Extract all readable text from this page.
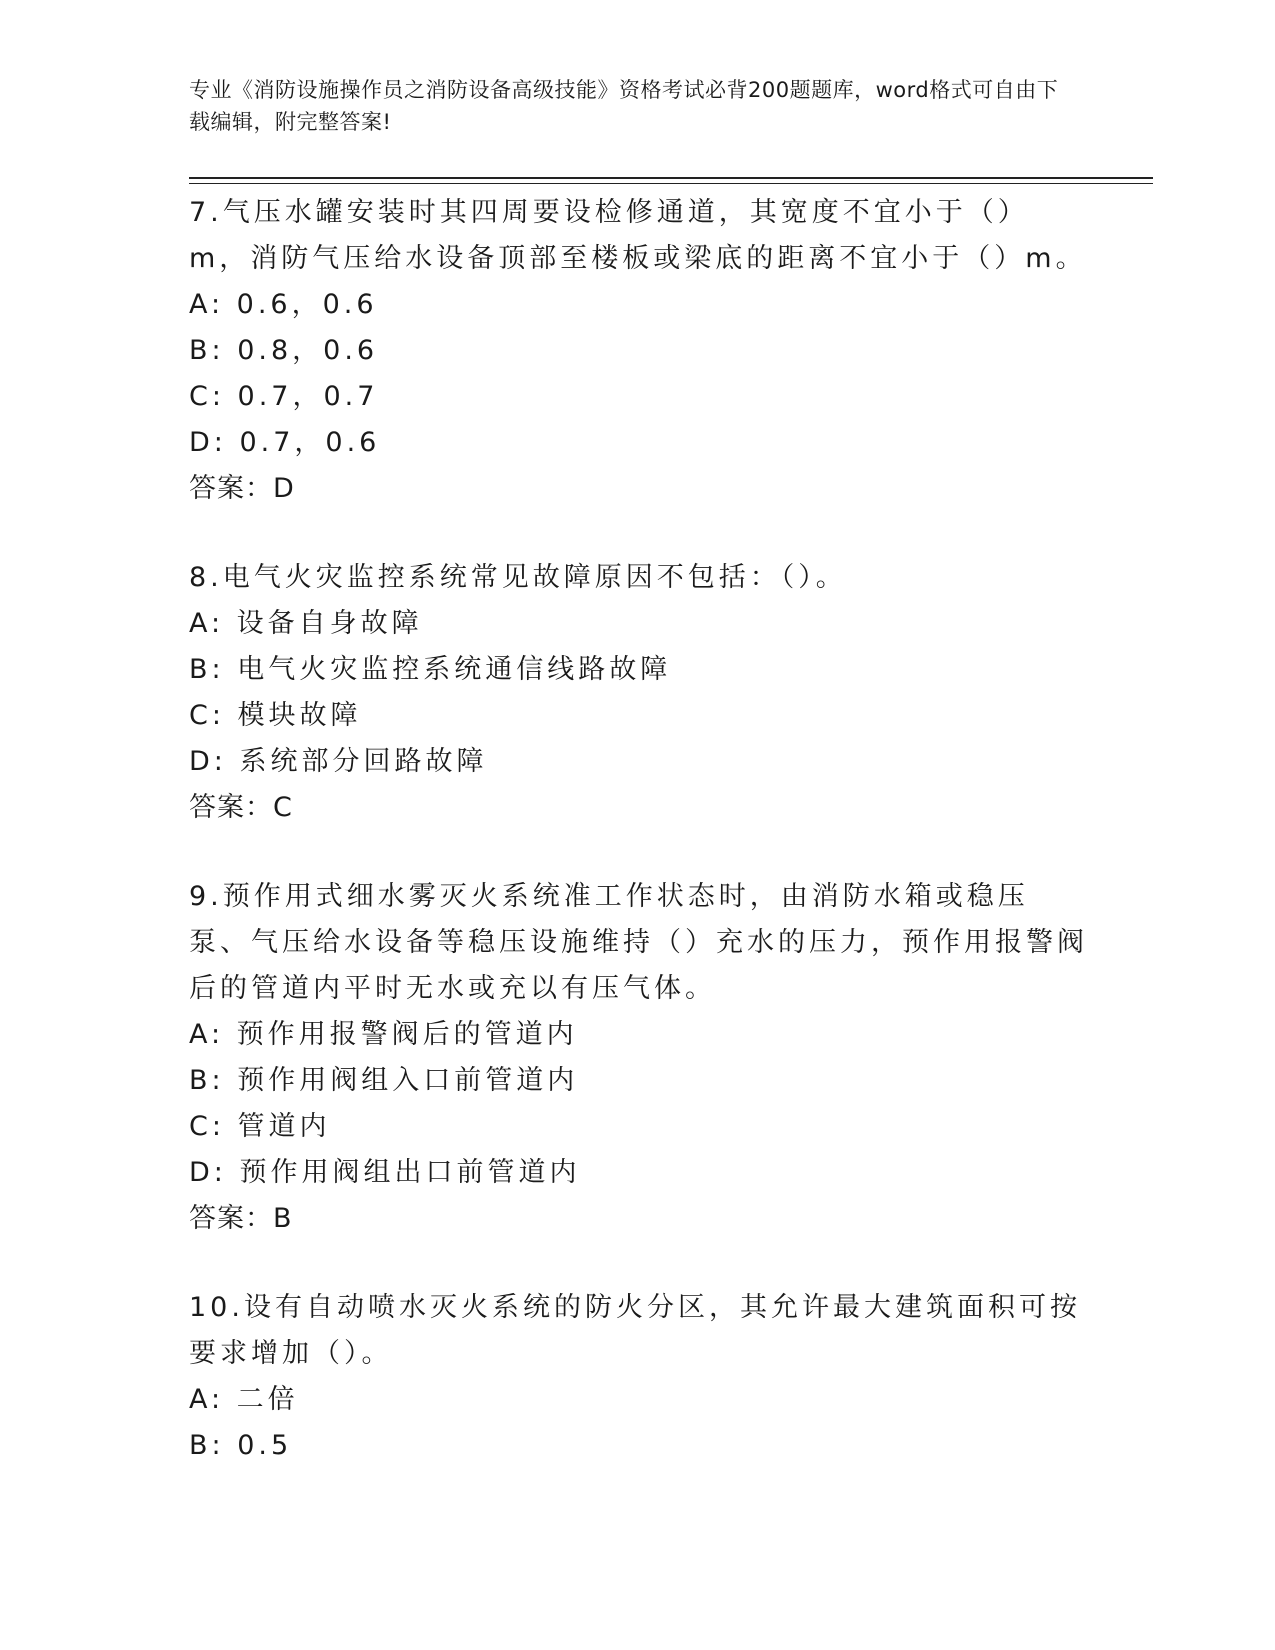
专业《消防设施操作员之消防设备高级技能》资格考试必背200题题库，word格式可自由下载编辑，附完整答案!

7.气压水罐安装时其四周要设检修通道，其宽度不宜小于（）m，消防气压给水设备顶部至楼板或梁底的距离不宜小于（）m。

A: 0.6，0.6

B: 0.8，0.6

C: 0.7，0.7

D: 0.7，0.6

答案：D

8.电气火灾监控系统常见故障原因不包括：（）。

A: 设备自身故障

B: 电气火灾监控系统通信线路故障

C: 模块故障

D: 系统部分回路故障

答案：C

9.预作用式细水雾灭火系统准工作状态时，由消防水箱或稳压泵、气压给水设备等稳压设施维持（）充水的压力，预作用报警阀后的管道内平时无水或充以有压气体。

A: 预作用报警阀后的管道内

B: 预作用阀组入口前管道内

C: 管道内

D: 预作用阀组出口前管道内

答案：B

10.设有自动喷水灭火系统的防火分区，其允许最大建筑面积可按要求增加（）。

A: 二倍

B: 0.5
